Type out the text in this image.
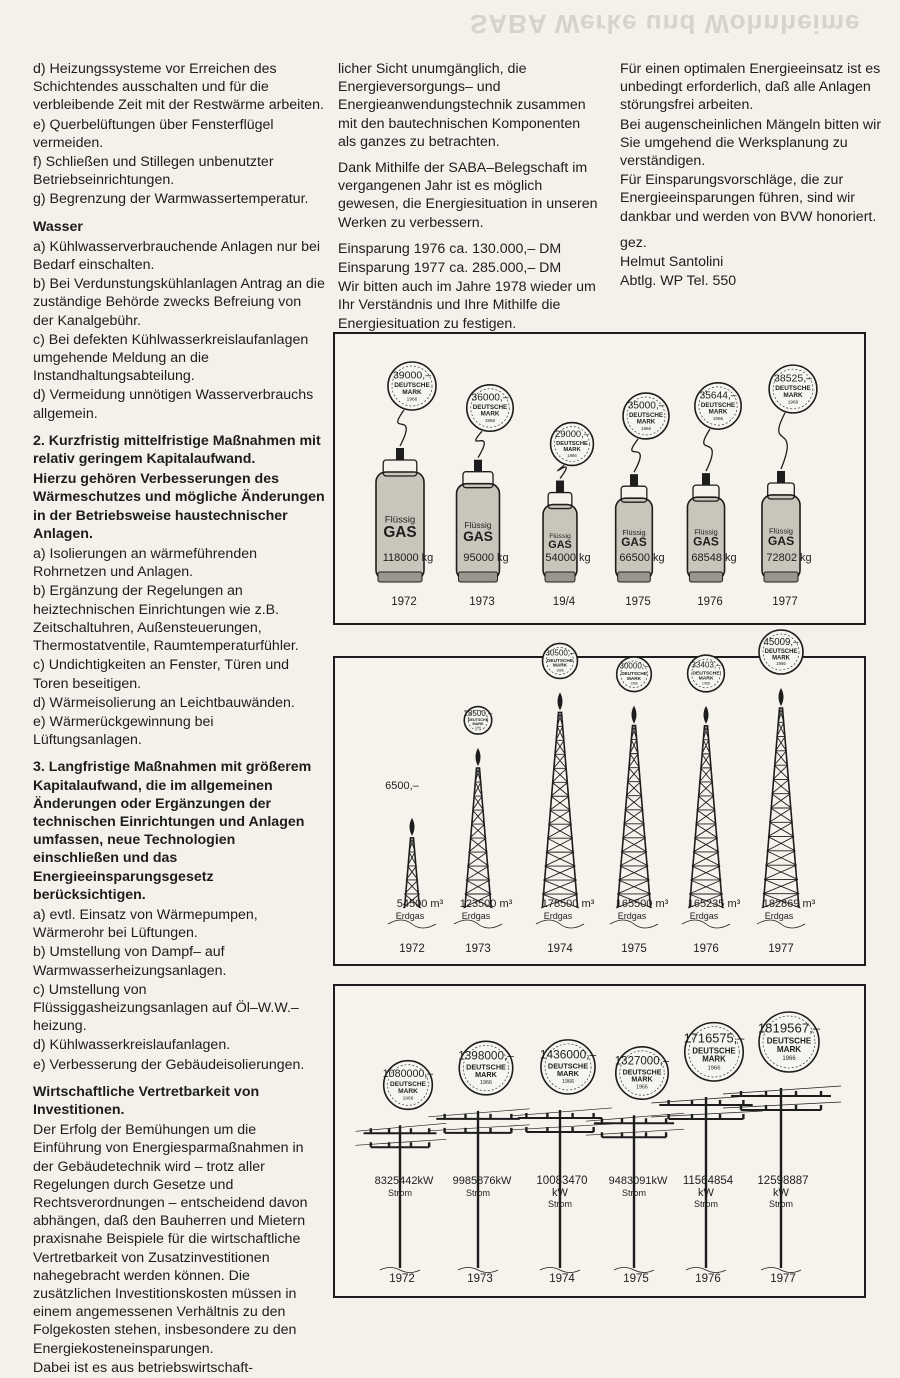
SABA Werke und Wohnheime

d) Heizungssysteme vor Erreichen des Schichtendes ausschalten und für die verbleibende Zeit mit der Restwärme arbeiten.

e) Querbelüftungen über Fensterflügel vermeiden.

f) Schließen und Stillegen unbenutzter Betriebseinrichtungen.

g) Begrenzung der Warmwassertemperatur.

Wasser

a) Kühlwasserverbrauchende Anlagen nur bei Bedarf einschalten.

b) Bei Verdunstungskühlanlagen Antrag an die zuständige Behörde zwecks Befreiung von der Kanalgebühr.

c) Bei defekten Kühlwasserkreislaufanlagen umgehende Meldung an die Instandhaltungsabteilung.

d) Vermeidung unnötigen Wasserverbrauchs allgemein.

2. Kurzfristig mittelfristige Maßnahmen mit relativ geringem Kapitalaufwand.
Hierzu gehören Verbesserungen des Wärmeschutzes und mögliche Änderungen in der Betriebsweise haustechnischer Anlagen.

a) Isolierungen an wärmeführenden Rohrnetzen und Anlagen.

b) Ergänzung der Regelungen an heiztechnischen Einrichtungen wie z.B. Zeitschaltuhren, Außensteuerungen, Thermostatventile, Raumtemperaturfühler.

c) Undichtigkeiten an Fenster, Türen und Toren beseitigen.

d) Wärmeisolierung an Leichtbauwänden.

e) Wärmerückgewinnung bei Lüftungsanlagen.

3. Langfristige Maßnahmen mit größerem Kapitalaufwand, die im allgemeinen Änderungen oder Ergänzungen der technischen Einrichtungen und Anlagen umfassen, neue Technologien einschließen und das Energieeinsparungsgesetz berücksichtigen.

a) evtl. Einsatz von Wärmepumpen, Wärmerohr bei Lüftungen.

b) Umstellung von Dampf– auf Warmwasserheizungsanlagen.

c) Umstellung von Flüssiggasheizungsanlagen auf Öl–W.W.–heizung.

d) Kühlwasserkreislaufanlagen.

e) Verbesserung der Gebäudeisolierungen.

Wirtschaftliche Vertretbarkeit von Investitionen.

Der Erfolg der Bemühungen um die Einführung von Energiesparmaßnahmen in der Gebäudetechnik wird – trotz aller Regelungen durch Gesetze und Rechtsverordnungen – entscheidend davon abhängen, daß den Bauherren und Mietern praxisnahe Beispiele für die wirtschaftliche Vertretbarkeit von Zusatzinvestitionen nahegebracht werden können. Die zusätzlichen Investitionskosten müssen in einem angemessenen Verhältnis zu den Folgekosten stehen, insbesondere zu den Energiekosteneinsparungen.

Dabei ist es aus betriebswirtschaft-

licher Sicht unumgänglich, die Energieversorgungs– und Energieanwendungstechnik zusammen mit den bautechnischen Komponenten als ganzes zu betrachten.

Dank Mithilfe der SABA–Belegschaft im vergangenen Jahr ist es möglich gewesen, die Energiesituation in unseren Werken zu verbessern.

Einsparung 1976 ca. 130.000,– DM

Einsparung 1977 ca. 285.000,– DM

Wir bitten auch im Jahre 1978 wieder um Ihr Verständnis und Ihre Mithilfe die Energiesituation zu festigen.

Für einen optimalen Energieeinsatz ist es unbedingt erforderlich, daß alle Anlagen störungsfrei arbeiten.

Bei augenscheinlichen Mängeln bitten wir Sie umgehend die Werksplanung zu verständigen.

Für Einsparungsvorschläge, die zur Energieeinsparungen führen, sind wir dankbar und werden von BVW honoriert.

gez.

Helmut Santolini

Abtlg. WP Tel. 550

39000,–
DEUTSCHE
MARK
1966
Flüssig
GAS
118000 kg
1972
36000,–
DEUTSCHE
MARK
1966
Flüssig
GAS
95000 kg
1973
29000,–
DEUTSCHE
MARK
1966
Flüssig
GAS
54000 kg
19/4
35000,–
DEUTSCHE
MARK
1966
Flüssig
GAS
66500 kg
1975
35644,–
DEUTSCHE
MARK
1966
Flüssig
GAS
68548 kg
1976
38525,–
DEUTSCHE
MARK
1966
Flüssig
GAS
72802 kg
1977
6500,–
54500 m³
Erdgas
1972
18500,–
DEUTSCHE
MARK
1966
123500 m³
Erdgas
1973
30500,–
DEUTSCHE
MARK
1966
178500 m³
Erdgas
1974
30000,–
DEUTSCHE
MARK
1966
165500 m³
Erdgas
1975
33403,–
DEUTSCHE
MARK
1966
165235 m³
Erdgas
1976
45009,–
DEUTSCHE
MARK
1966
182869 m³
Erdgas
1977
1080000,–
DEUTSCHE
MARK
1966
8325442kW
Strom
1972
1398000,–
DEUTSCHE
MARK
1966
9985876kW
Strom
1973
1436000,–
DEUTSCHE
MARK
1966
10083470
kW
Strom
1974
1327000,–
DEUTSCHE
MARK
1966
9483091kW
Strom
1975
1716575,–
DEUTSCHE
MARK
1966
11564854
kW
Strom
1976
1819567,–
DEUTSCHE
MARK
1966
12598887
kW
Strom
1977
